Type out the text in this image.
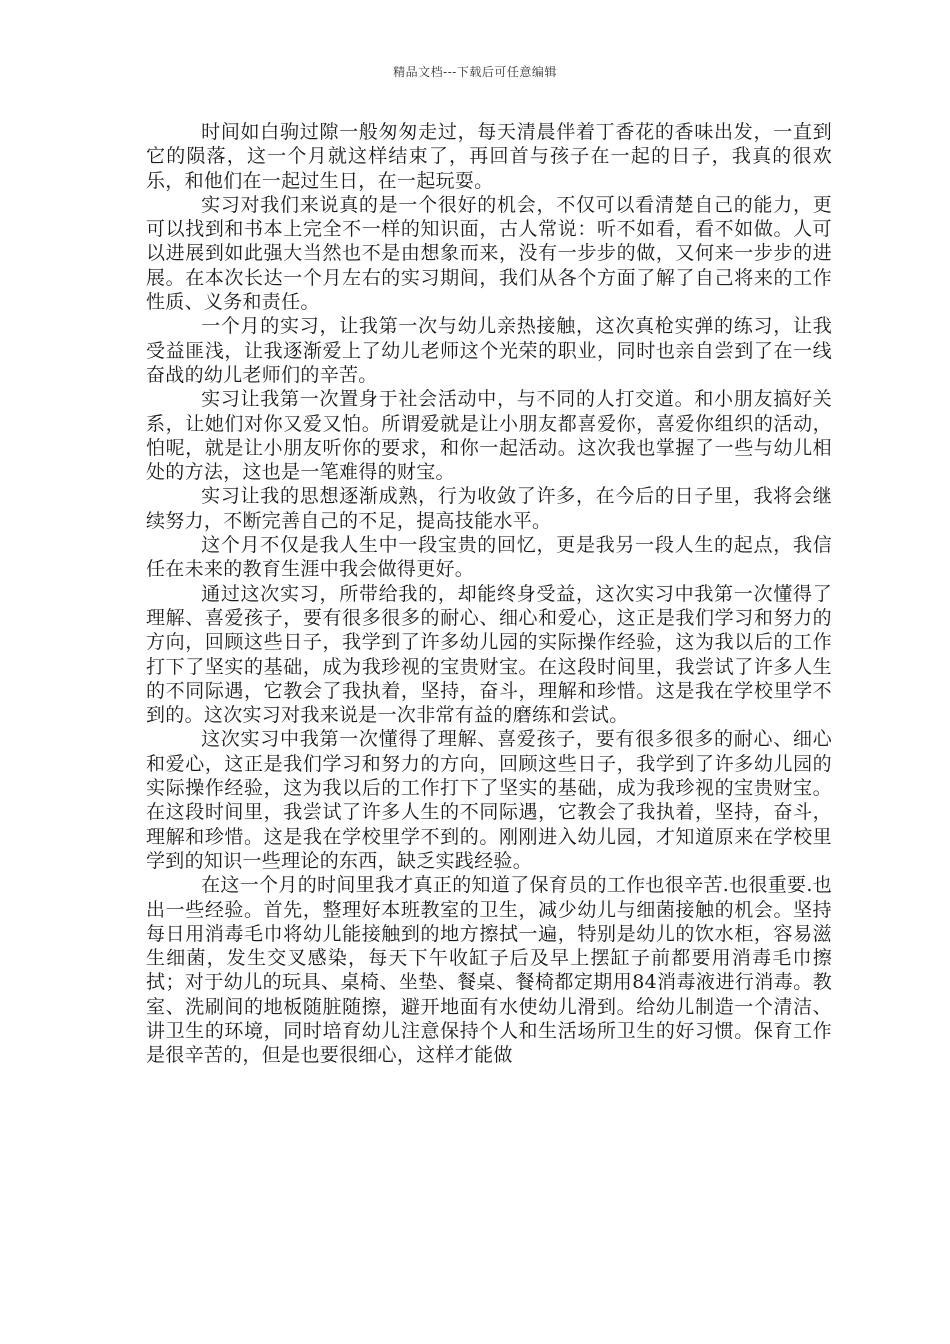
精品文档---下载后可任意编辑

时间如白驹过隙一般匆匆走过，每天清晨伴着丁香花的香味出发，一直到它的陨落，这一个月就这样结束了，再回首与孩子在一起的日子，我真的很欢乐，和他们在一起过生日，在一起玩耍。

实习对我们来说真的是一个很好的机会，不仅可以看清楚自己的能力，更可以找到和书本上完全不一样的知识面，古人常说：听不如看，看不如做。人可以进展到如此强大当然也不是由想象而来，没有一步步的做，又何来一步步的进展。在本次长达一个月左右的实习期间，我们从各个方面了解了自己将来的工作性质、义务和责任。

一个月的实习，让我第一次与幼儿亲热接触，这次真枪实弹的练习，让我受益匪浅，让我逐渐爱上了幼儿老师这个光荣的职业，同时也亲自尝到了在一线奋战的幼儿老师们的辛苦。

实习让我第一次置身于社会活动中，与不同的人打交道。和小朋友搞好关系，让她们对你又爱又怕。所谓爱就是让小朋友都喜爱你，喜爱你组织的活动，怕呢，就是让小朋友听你的要求，和你一起活动。这次我也掌握了一些与幼儿相处的方法，这也是一笔难得的财宝。

实习让我的思想逐渐成熟，行为收敛了许多，在今后的日子里，我将会继续努力，不断完善自己的不足，提高技能水平。

这个月不仅是我人生中一段宝贵的回忆，更是我另一段人生的起点，我信任在未来的教育生涯中我会做得更好。

通过这次实习，所带给我的，却能终身受益，这次实习中我第一次懂得了理解、喜爱孩子，要有很多很多的耐心、细心和爱心，这正是我们学习和努力的方向，回顾这些日子，我学到了许多幼儿园的实际操作经验，这为我以后的工作打下了坚实的基础，成为我珍视的宝贵财宝。在这段时间里，我尝试了许多人生的不同际遇，它教会了我执着，坚持，奋斗，理解和珍惜。这是我在学校里学不到的。这次实习对我来说是一次非常有益的磨练和尝试。

这次实习中我第一次懂得了理解、喜爱孩子，要有很多很多的耐心、细心和爱心，这正是我们学习和努力的方向，回顾这些日子，我学到了许多幼儿园的实际操作经验，这为我以后的工作打下了坚实的基础，成为我珍视的宝贵财宝。在这段时间里，我尝试了许多人生的不同际遇，它教会了我执着，坚持，奋斗，理解和珍惜。这是我在学校里学不到的。刚刚进入幼儿园，才知道原来在学校里学到的知识一些理论的东西，缺乏实践经验。

在这一个月的时间里我才真正的知道了保育员的工作也很辛苦.也很重要.也出一些经验。首先，整理好本班教室的卫生，减少幼儿与细菌接触的机会。坚持每日用消毒毛巾将幼儿能接触到的地方擦拭一遍，特别是幼儿的饮水柜，容易滋生细菌，发生交叉感染，每天下午收缸子后及早上摆缸子前都要用消毒毛巾擦拭；对于幼儿的玩具、桌椅、坐垫、餐桌、餐椅都定期用84消毒液进行消毒。教室、洗刷间的地板随脏随擦，避开地面有水使幼儿滑到。给幼儿制造一个清洁、讲卫生的环境，同时培育幼儿注意保持个人和生活场所卫生的好习惯。保育工作是很辛苦的，但是也要很细心，这样才能做
